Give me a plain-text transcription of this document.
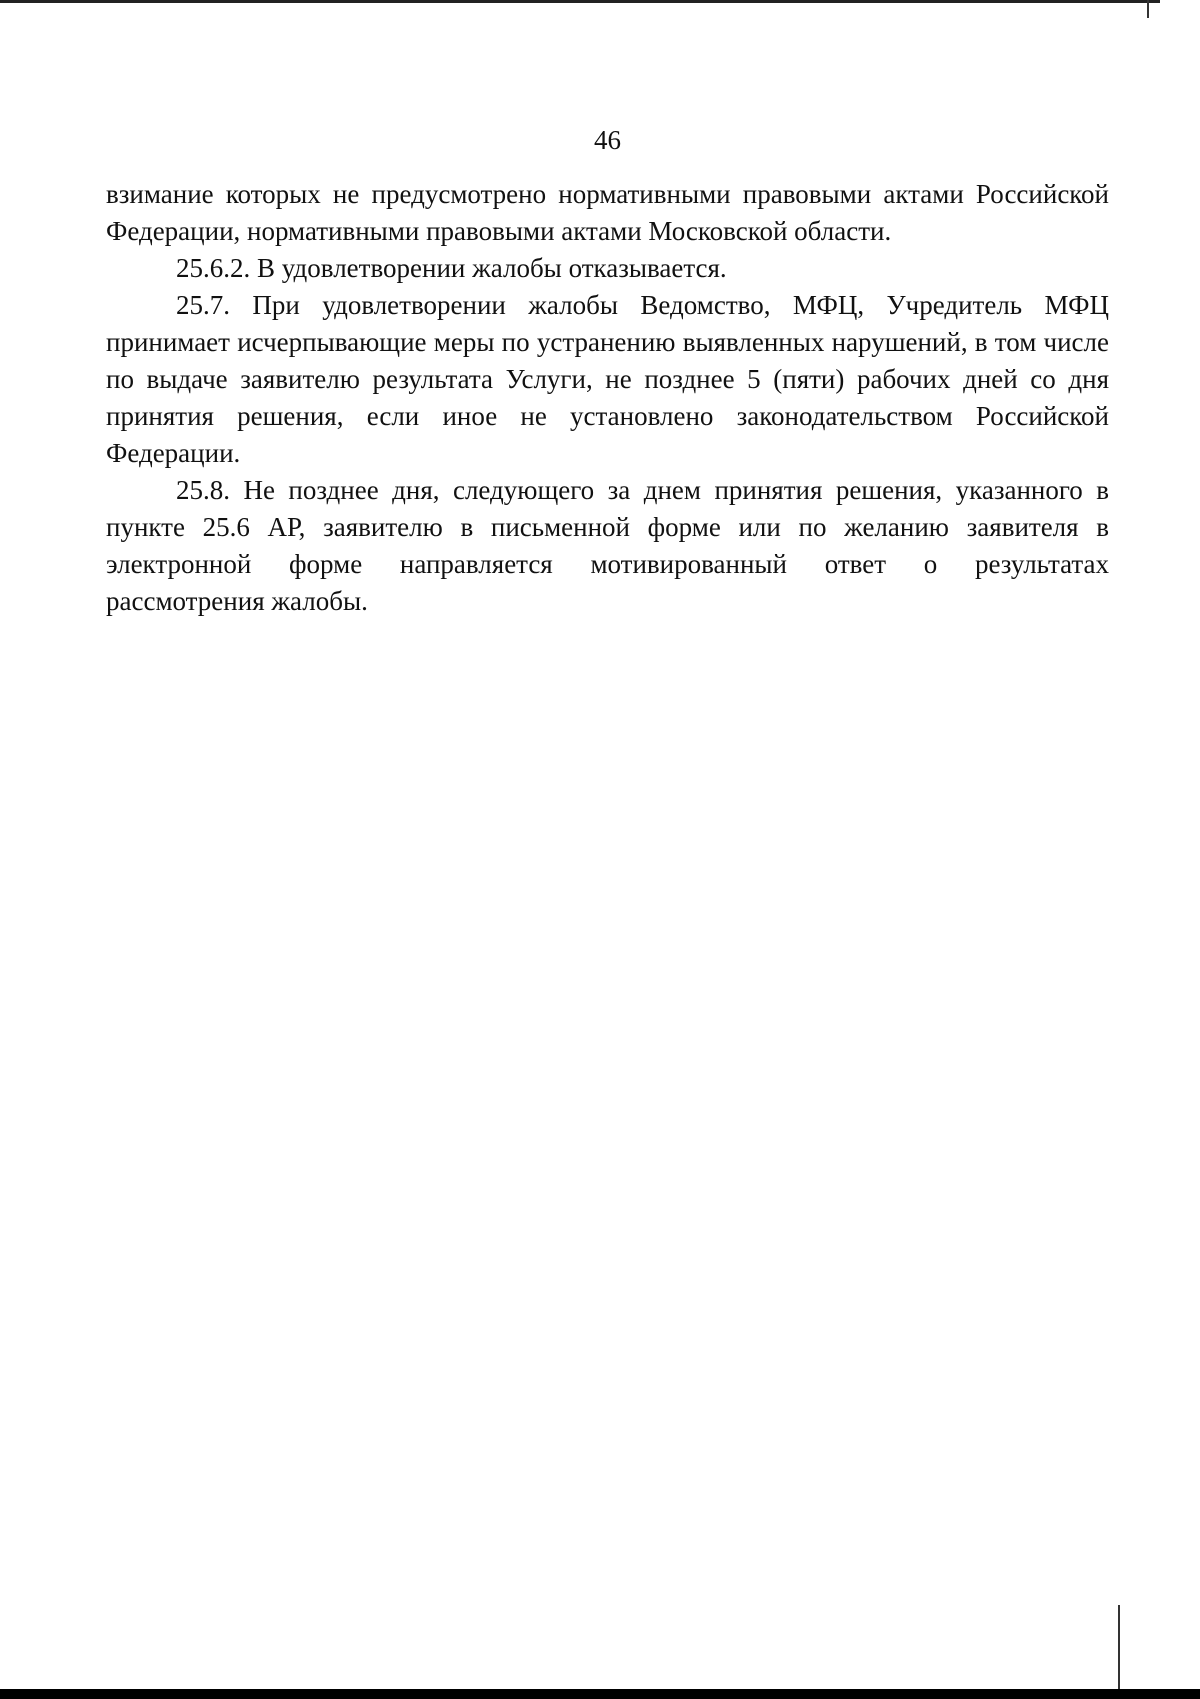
46

взимание которых не предусмотрено нормативными правовыми актами Российской Федерации, нормативными правовыми актами Московской области.

25.6.2. В удовлетворении жалобы отказывается.

25.7. При удовлетворении жалобы Ведомство, МФЦ, Учредитель МФЦ принимает исчерпывающие меры по устранению выявленных нарушений, в том числе по выдаче заявителю результата Услуги, не позднее 5 (пяти) рабочих дней со дня принятия решения, если иное не установлено законодательством Российской Федерации.

25.8. Не позднее дня, следующего за днем принятия решения, указанного в пункте 25.6 АР, заявителю в письменной форме или по желанию заявителя в электронной форме направляется мотивированный ответ о результатах

рассмотрения жалобы.
